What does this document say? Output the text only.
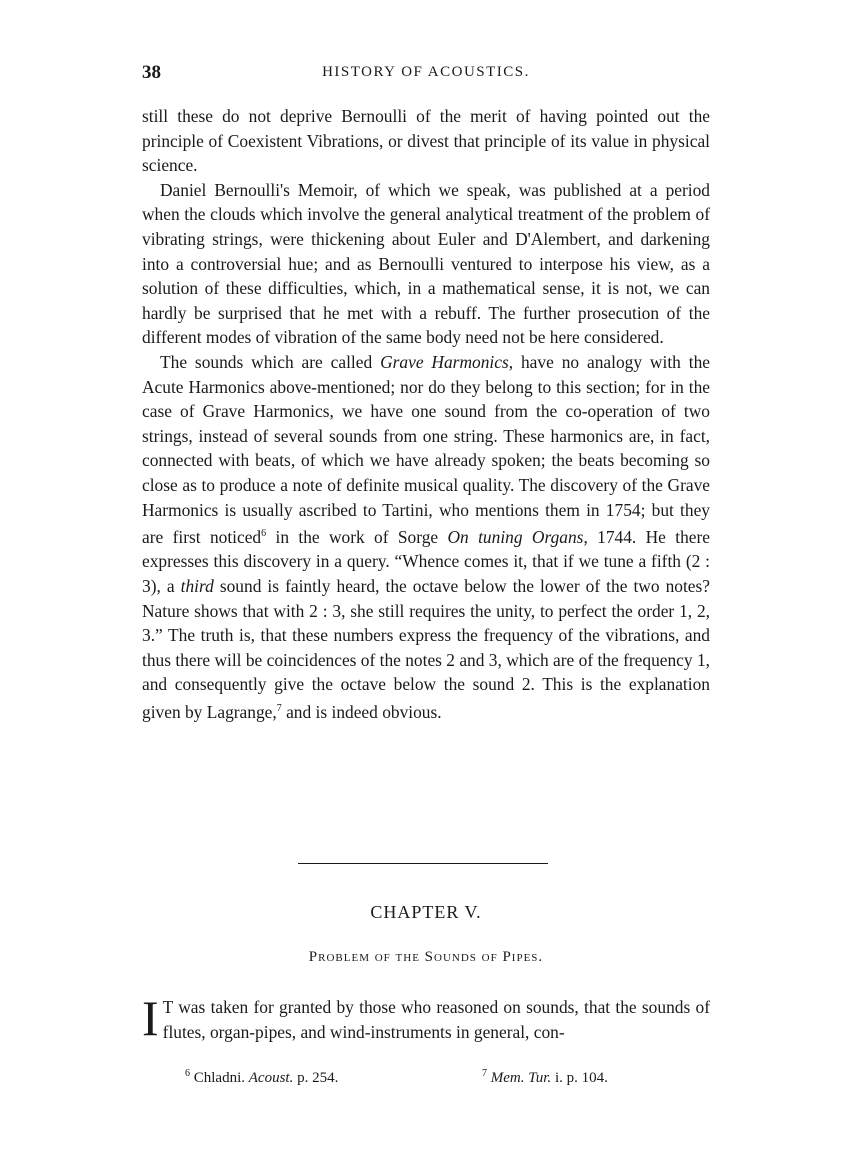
38	HISTORY OF ACOUSTICS.

still these do not deprive Bernoulli of the merit of having pointed out the principle of Coexistent Vibrations, or divest that principle of its value in physical science.

Daniel Bernoulli's Memoir, of which we speak, was published at a period when the clouds which involve the general analytical treatment of the problem of vibrating strings, were thickening about Euler and D'Alembert, and darkening into a controversial hue; and as Bernoulli ventured to interpose his view, as a solution of these difficulties, which, in a mathematical sense, it is not, we can hardly be surprised that he met with a rebuff. The further prosecution of the different modes of vibration of the same body need not be here considered.

The sounds which are called Grave Harmonics, have no analogy with the Acute Harmonics above-mentioned; nor do they belong to this section; for in the case of Grave Harmonics, we have one sound from the co-operation of two strings, instead of several sounds from one string. These harmonics are, in fact, connected with beats, of which we have already spoken; the beats becoming so close as to produce a note of definite musical quality. The discovery of the Grave Harmonics is usually ascribed to Tartini, who mentions them in 1754; but they are first noticed$^6$ in the work of Sorge On tuning Organs, 1744. He there expresses this discovery in a query. “Whence comes it, that if we tune a fifth (2 : 3), a third sound is faintly heard, the octave below the lower of the two notes? Nature shows that with 2 : 3, she still requires the unity, to perfect the order 1, 2, 3.” The truth is, that these numbers express the frequency of the vibrations, and thus there will be coincidences of the notes 2 and 3, which are of the frequency 1, and consequently give the octave below the sound 2. This is the explanation given by Lagrange,$^7$ and is indeed obvious.

CHAPTER V.
Problem of the Sounds of Pipes.
I T was taken for granted by those who reasoned on sounds, that the sounds of flutes, organ-pipes, and wind-instruments in general, con-
$^6$ Chladni. Acoust. p. 254.	$^7$ Mem. Tur. i. p. 104.
